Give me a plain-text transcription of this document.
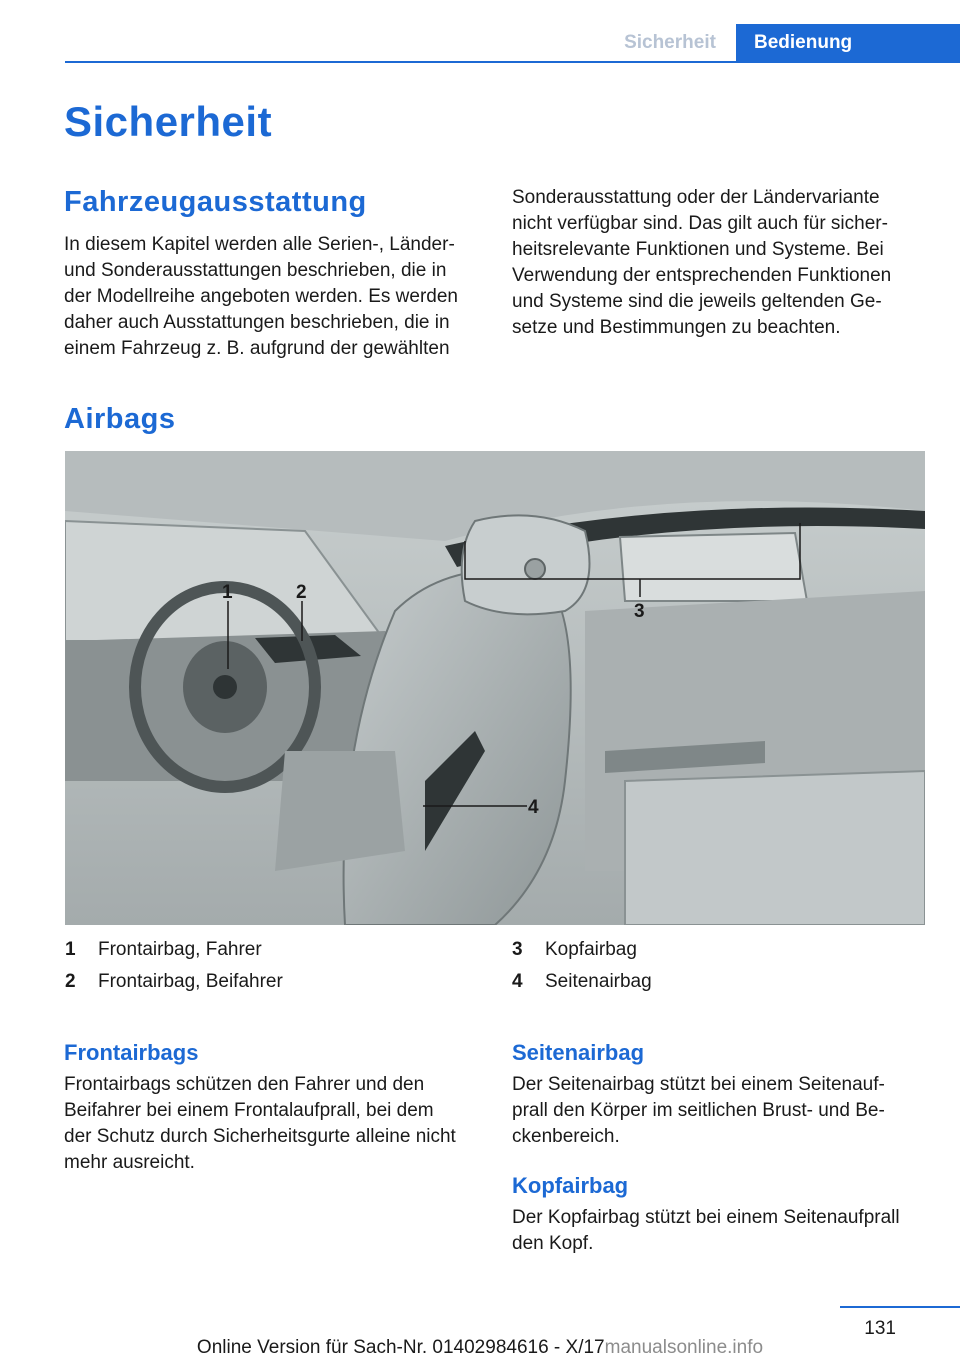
Sicherheit	Bedienung
Sicherheit
Fahrzeugausstattung
In diesem Kapitel werden alle Serien-, Länder-
und Sonderausstattungen beschrieben, die in
der Modellreihe angeboten werden. Es werden
daher auch Ausstattungen beschrieben, die in
einem Fahrzeug z. B. aufgrund der gewählten
Sonderausstattung oder der Ländervariante
nicht verfügbar sind. Das gilt auch für sicher-
heitsrelevante Funktionen und Systeme. Bei
Verwendung der entsprechenden Funktionen
und Systeme sind die jeweils geltenden Ge-
setze und Bestimmungen zu beachten.
Airbags
1	2
3
4
1	Frontairbag, Fahrer
2	Frontairbag, Beifahrer
3	Kopfairbag
4	Seitenairbag
Frontairbags
Frontairbags schützen den Fahrer und den
Beifahrer bei einem Frontalaufprall, bei dem
der Schutz durch Sicherheitsgurte alleine nicht
mehr ausreicht.
Seitenairbag
Der Seitenairbag stützt bei einem Seitenauf-
prall den Körper im seitlichen Brust- und Be-
ckenbereich.
Kopfairbag
Der Kopfairbag stützt bei einem Seitenaufprall
den Kopf.
131
Online Version für Sach-Nr. 01402984616 - X/17manualsonline.info
